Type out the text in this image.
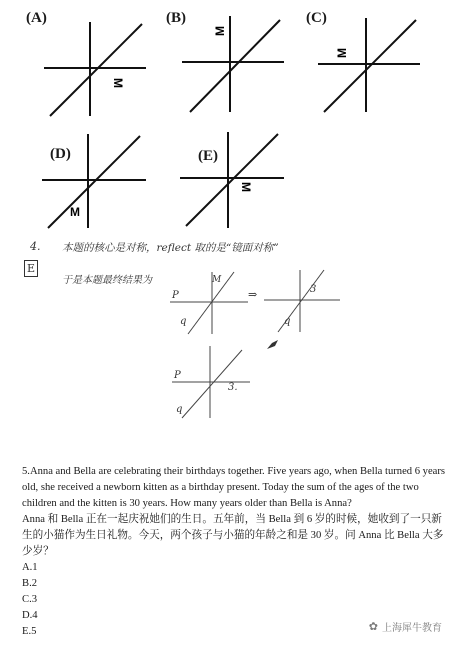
(A)
M
(B)
M
(C)
M
(D)
M
(E)
M
4. 本题的核心是对称，reflect 取的是“镜面对称”
E
于是本题最终结果为
P
M
q
⇒	3
q
P
3.
q
5.Anna and Bella are celebrating their birthdays together. Five years ago, when Bella turned 6 years
old, she received a newborn kitten as a birthday present. Today the sum of the ages of the two
children and the kitten is 30 years. How many years older than Bella is Anna?
Anna 和 Bella 正在一起庆祝她们的生日。五年前，当 Bella 到 6 岁的时候，她收到了一只新
生的小猫作为生日礼物。今天，两个孩子与小猫的年龄之和是 30 岁。问 Anna 比 Bella 大多
少岁？
A.1
B.2
C.3
D.4
E.5	✿ 上海犀牛教育
